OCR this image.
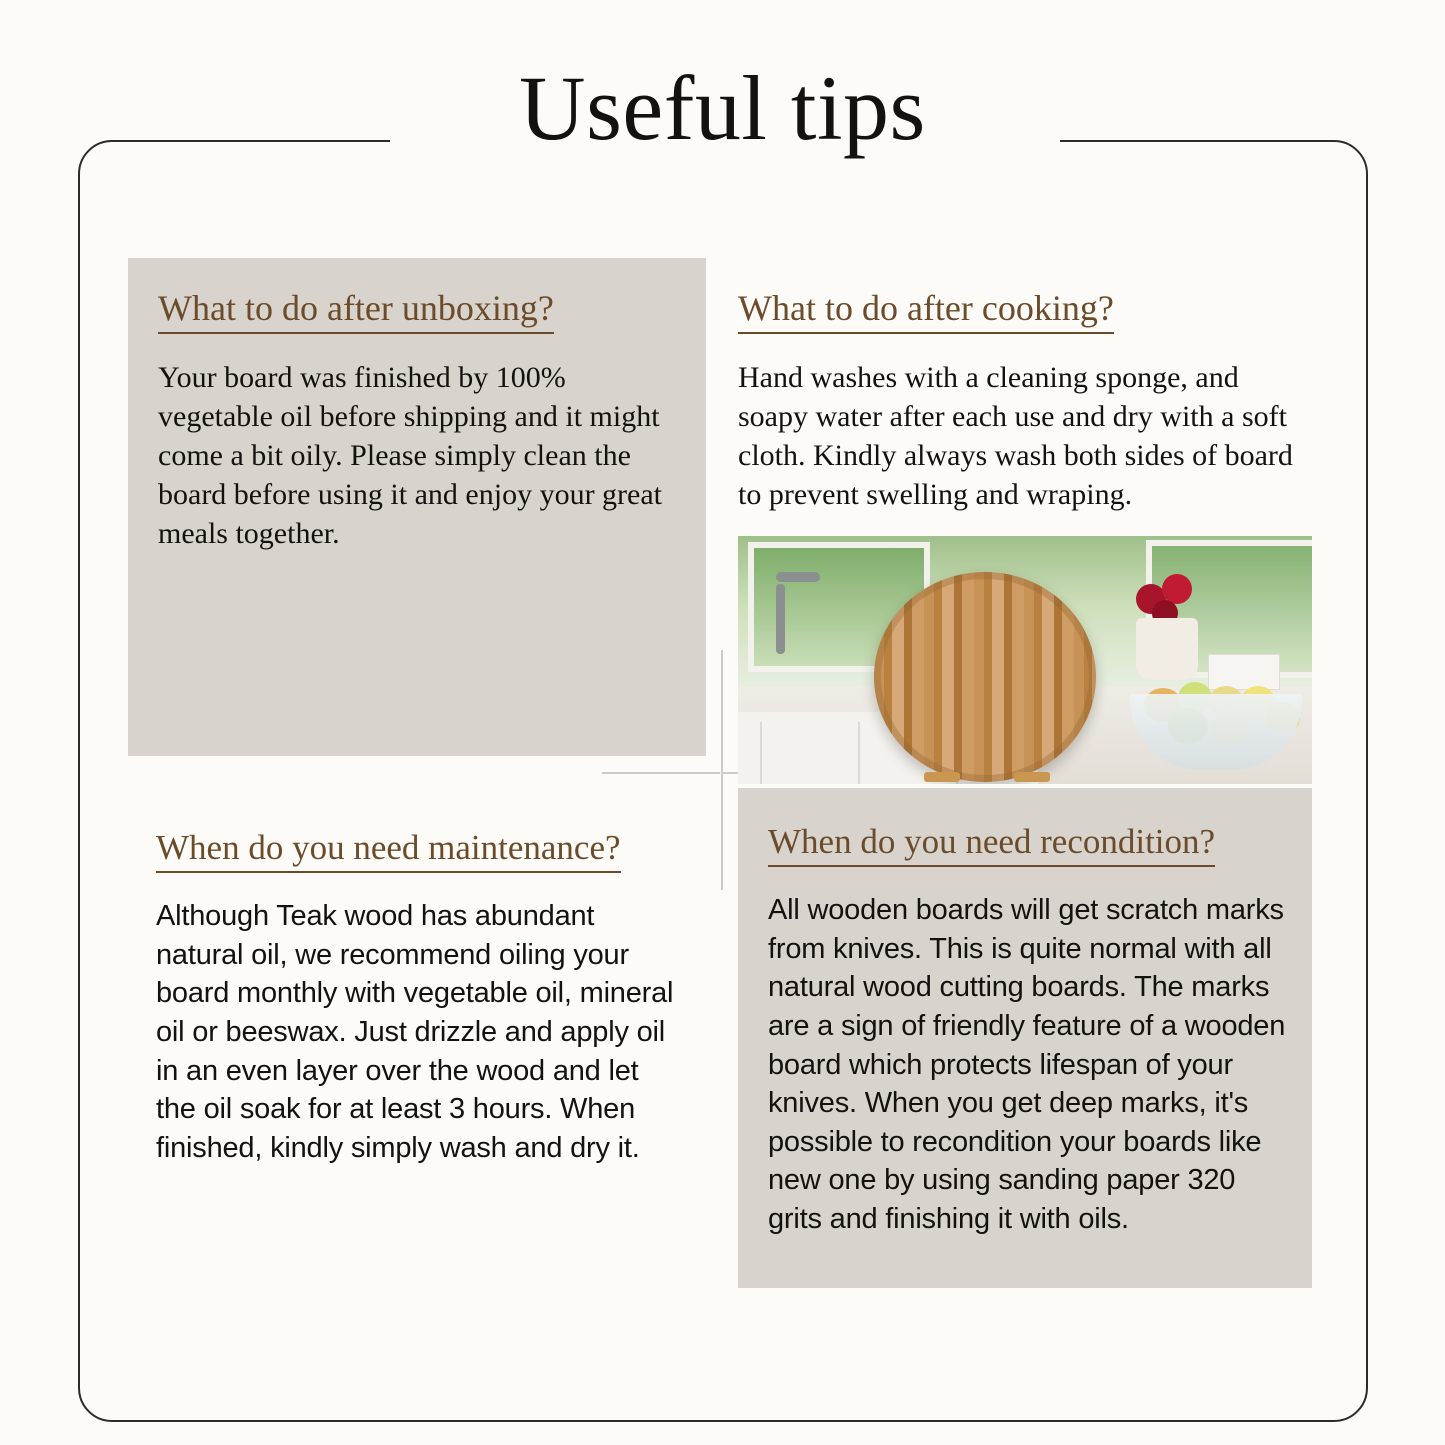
Useful tips
What to do after unboxing?

Your board was finished by 100% vegetable oil before shipping and it might come a bit oily. Please simply clean the board before using it and enjoy your great meals together.

What to do after cooking?

Hand washes with a cleaning sponge, and soapy water after each use and dry with a soft cloth. Kindly always wash both sides of board to prevent swelling and wraping.

When do you need maintenance?

Although Teak wood has abundant natural oil, we recommend oiling your board monthly with vegetable oil, mineral oil or beeswax. Just drizzle and apply oil in an even layer over the wood and let the oil soak for at least 3 hours. When finished, kindly simply wash and dry it.

When do you need recondition?

All wooden boards will get scratch marks from knives. This is quite normal with all natural wood cutting boards. The marks are a sign of friendly feature of a wooden board which protects lifespan of your knives. When you get deep marks, it's possible to recondition your boards like new one by using sanding paper 320 grits and finishing it with oils.
